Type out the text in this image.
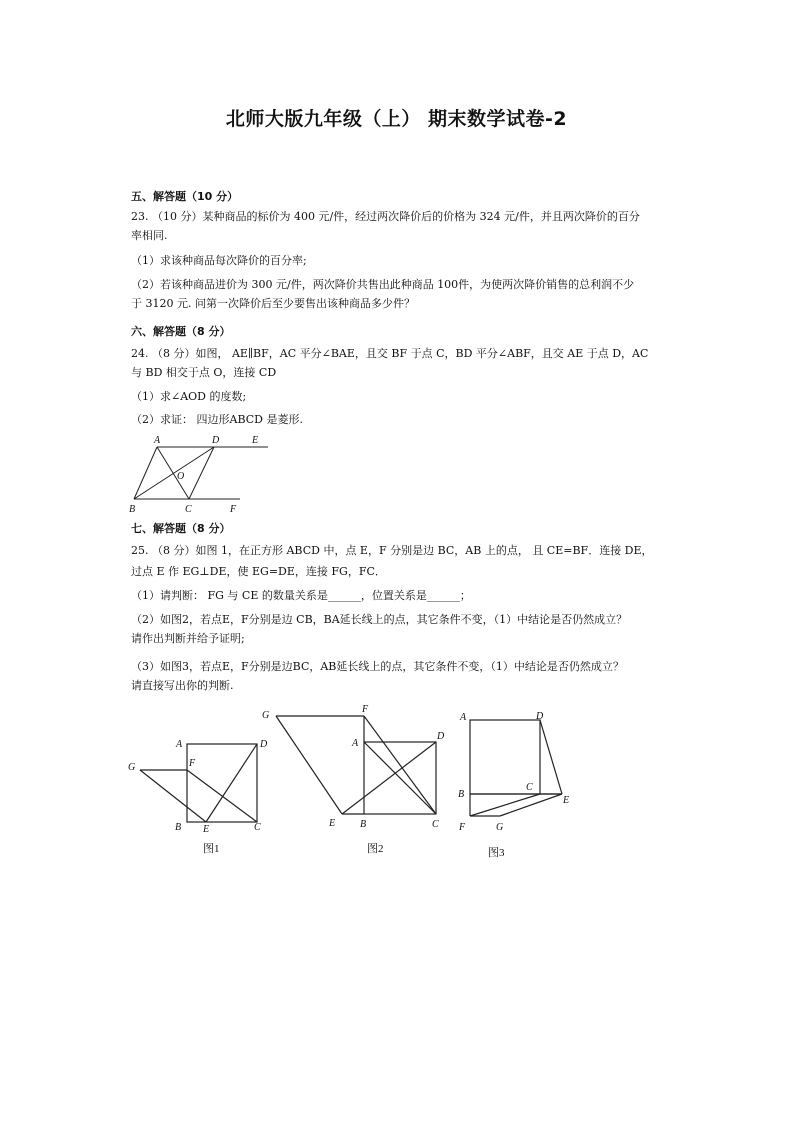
北师大版九年级（上） 期末数学试卷-2
五、解答题（10 分）
23. （10 分）某种商品的标价为 400 元/件，经过两次降价后的价格为 324 元/件，并且两次降价的百分
率相同.
（1）求该种商品每次降价的百分率;
（2）若该种商品进价为 300 元/件，两次降价共售出此种商品 100件，为使两次降价销售的总利润不少
于 3120 元. 问第一次降价后至少要售出该种商品多少件？
六、解答题（8 分）
24. （8 分）如图， AE∥BF，AC 平分∠BAE，且交 BF 于点 C，BD 平分∠ABF，且交 AE 于点 D，AC
与 BD 相交于点 O，连接 CD
（1）求∠AOD 的度数;
（2）求证： 四边形ABCD 是菱形.
A	D	E
O
B	C	F
七、解答题（8 分）
25. （8 分）如图 1，在正方形 ABCD 中，点 E，F 分别是边 BC，AB 上的点， 且 CE=BF．连接 DE，
过点 E 作 EG⊥DE，使 EG=DE，连接 FG，FC．
（1）请判断： FG 与 CE 的数量关系是______，位置关系是______；
（2）如图2，若点E，F分别是边 CB，BA延长线上的点，其它条件不变，（1）中结论是否仍然成立？
请作出判断并给予证明;
（3）如图3，若点E，F分别是边BC，AB延长线上的点，其它条件不变，（1）中结论是否仍然成立？
请直接写出你的判断.
A	D
G	F
B E	C
图1
G
F
A
D
E B	C
图2
A	D
C
B
E
F	G
图3
